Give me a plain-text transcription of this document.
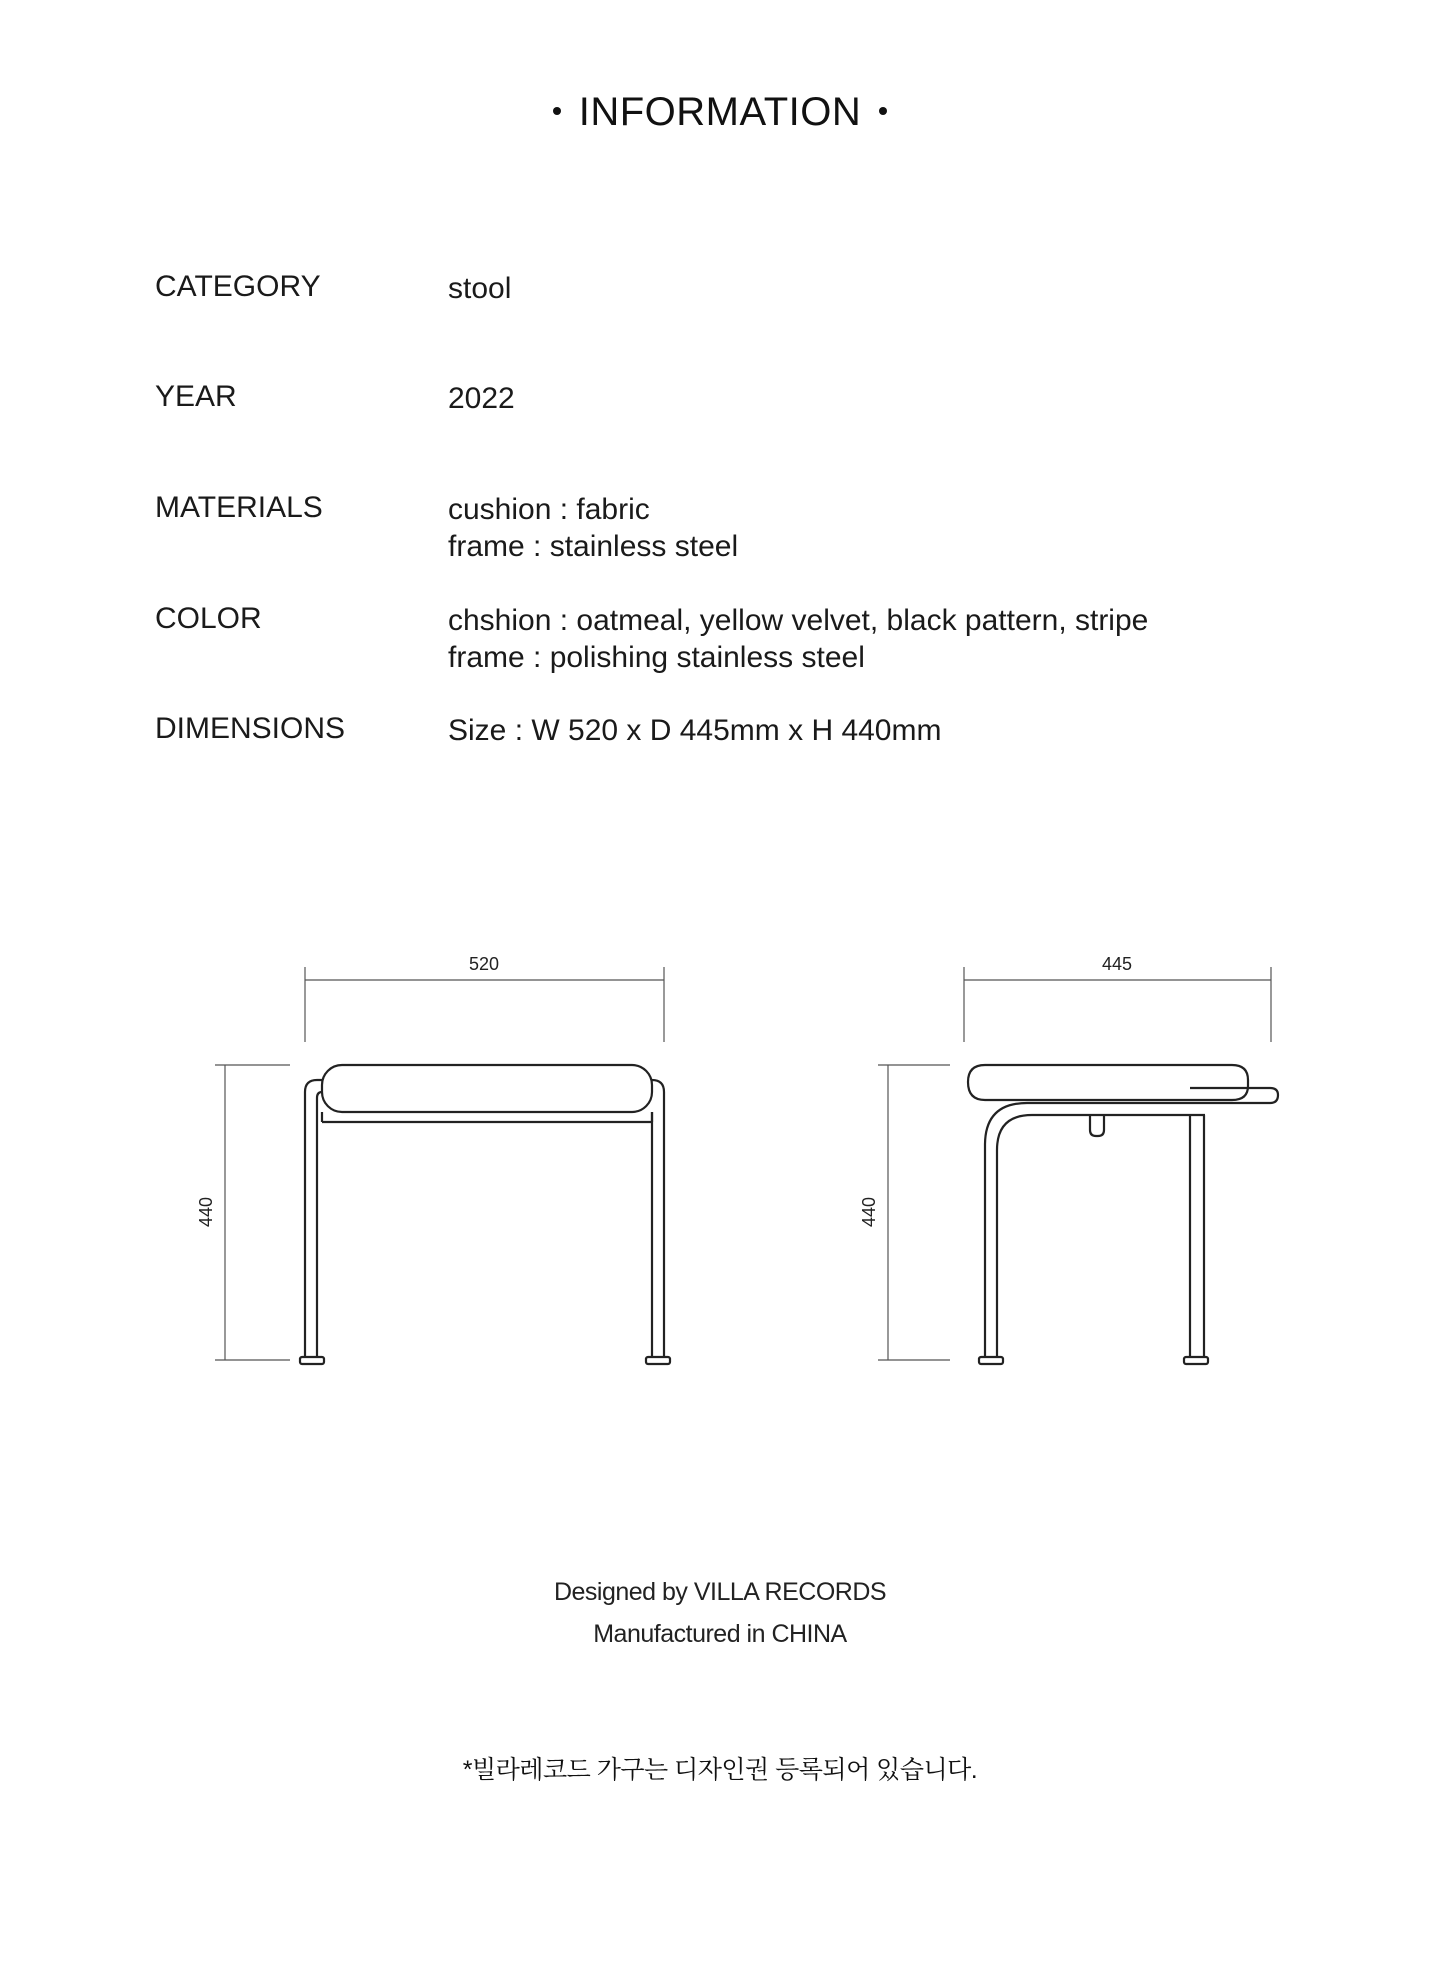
INFORMATION
CATEGORY	stool
YEAR	2022
MATERIALS	cushion : fabric
frame : stainless steel
COLOR	chshion : oatmeal, yellow velvet, black pattern, stripe
frame : polishing stainless steel
DIMENSIONS	Size : W 520 x D 445mm x H 440mm
520
440
445
440
Designed by VILLA RECORDS
Manufactured in CHINA
*빌라레코드 가구는 디자인권 등록되어 있습니다.
